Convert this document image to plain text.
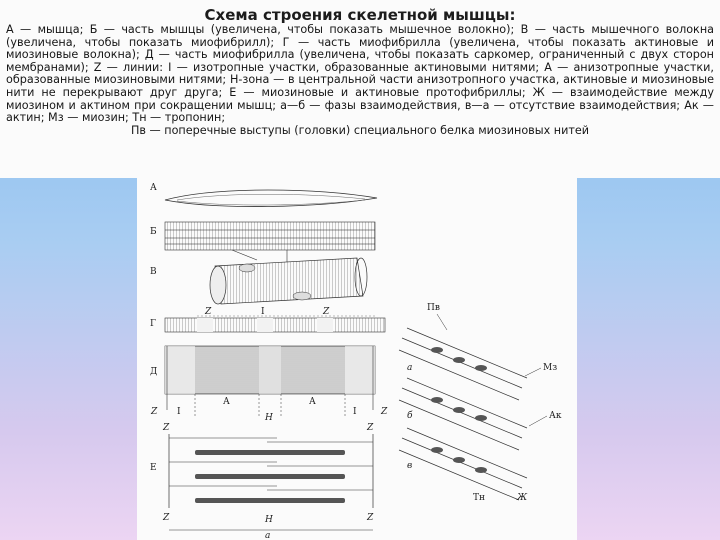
Схема строения скелетной мышцы:
А — мышца; Б — часть мышцы (увеличена, чтобы показать мышечное волокно); В — часть мышечного волокна (увеличена, чтобы показать миофибрилл); Г — часть миофибрилла (увеличена, чтобы показать актиновые и миозиновые волокна); Д — часть миофибрилла (увеличена, чтобы показать саркомер, ограниченный с двух сторон мембранами); Z — линии: I — изотропные участки, образованные актиновыми нитями; А — анизотропные участки, образованные миозиновыми нитями; Н-зона — в центральной части анизотропного участка, актиновые и миозиновые нити не перекрывают друг друга; Е — миозиновые и актиновые протофибриллы; Ж — взаимодействие между миозином и актином при сокращении мышц; а—б — фазы взаимодействия, в—а — отсутствие взаимодействия; Ак — актин; Мз — миозин; Тн — тропонин;
Пв — поперечные выступы (головки) специального белка миозиновых нитей
А
Б
В
Г
Z	I	Z
Д
Z I
А
Н
А
I	Z
Е
Z	Z
Z	Z
Н
а
Пв
а
б
в
Мз
Ак
Тн	Ж
